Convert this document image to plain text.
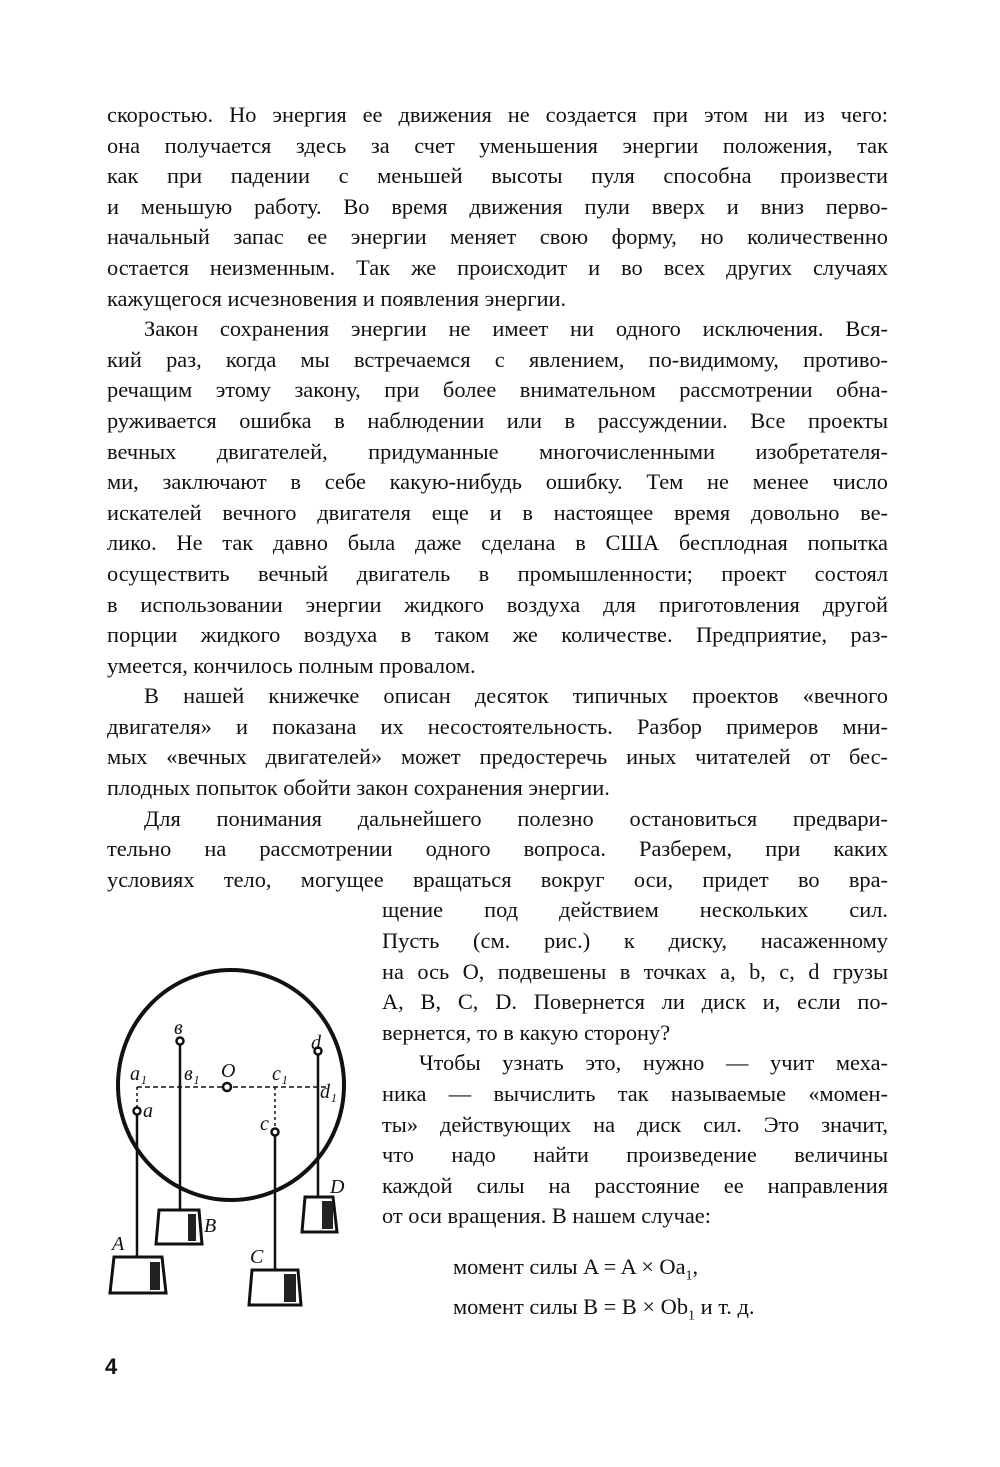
скоростью. Но энергия ее движения не создается при этом ни из чего:
она получается здесь за счет уменьшения энергии положения, так
как при падении с меньшей высоты пуля способна произвести
и меньшую работу. Во время движения пули вверх и вниз перво-
начальный запас ее энергии меняет свою форму, но количественно
остается неизменным. Так же происходит и во всех других случаях
кажущегося исчезновения и появления энергии.
Закон сохранения энергии не имеет ни одного исключения. Вся-
кий раз, когда мы встречаемся с явлением, по-видимому, противо-
речащим этому закону, при более внимательном рассмотрении обна-
руживается ошибка в наблюдении или в рассуждении. Все проекты
вечных двигателей, придуманные многочисленными изобретателя-
ми, заключают в себе какую-нибудь ошибку. Тем не менее число
искателей вечного двигателя еще и в настоящее время довольно ве-
лико. Не так давно была даже сделана в США бесплодная попытка
осуществить вечный двигатель в промышленности; проект состоял
в использовании энергии жидкого воздуха для приготовления другой
порции жидкого воздуха в таком же количестве. Предприятие, раз-
умеется, кончилось полным провалом.
В нашей книжечке описан десяток типичных проектов «вечного
двигателя» и показана их несостоятельность. Разбор примеров мни-
мых «вечных двигателей» может предостеречь иных читателей от бес-
плодных попыток обойти закон сохранения энергии.
Для понимания дальнейшего полезно остановиться предвари-
тельно на рассмотрении одного вопроса. Разберем, при каких
условиях тело, могущее вращаться вокруг оси, придет во вра-
щение под действием нескольких сил.
Пусть (см. рис.) к диску, насаженному
на ось O, подвешены в точках a, b, c, d грузы
A, B, C, D. Повернется ли диск и, если по-
вернется, то в какую сторону?
Чтобы узнать это, нужно — учит меха-
ника — вычислить так называемые «момен-
ты» действующих на диск сил. Это значит,
что надо найти произведение величины
каждой силы на расстояние ее направления
от оси вращения. В нашем случае:
момент силы $A = A \times Oa_1$,
момент силы $B = B \times Ob_1$ и т. д.
a₁ в₁ O c₁
d₁
a
в
c
d
A
B
C
D
4
